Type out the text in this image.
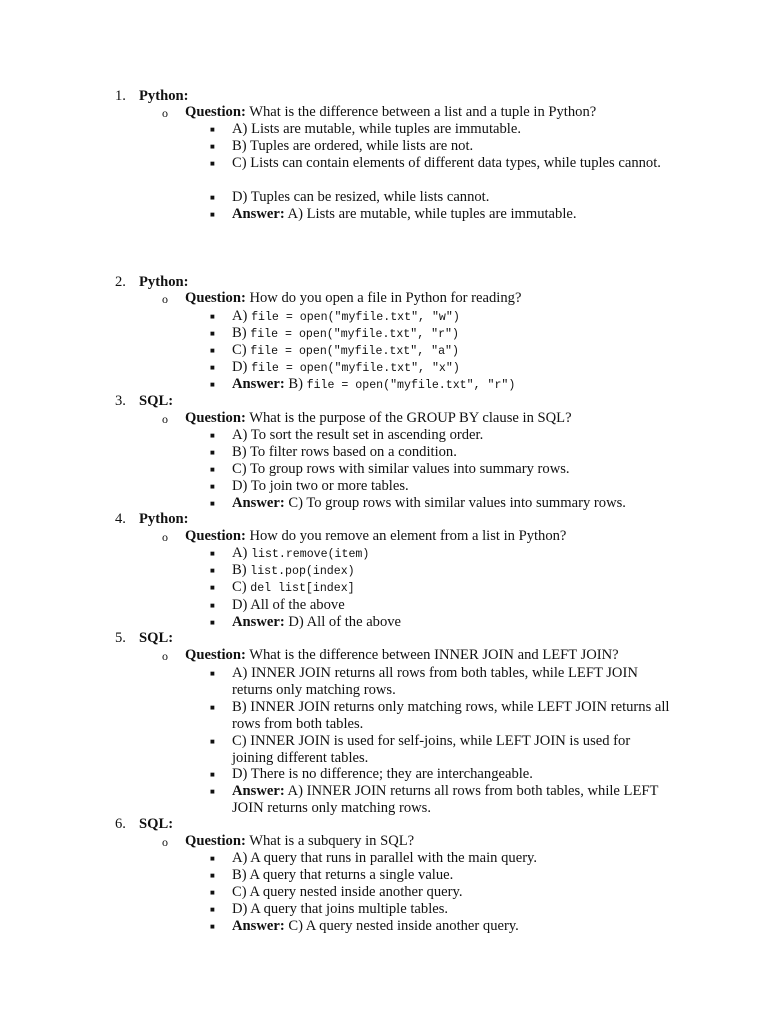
1. Python:
o Question: What is the difference between a list and a tuple in Python?
■ A) Lists are mutable, while tuples are immutable.
■ B) Tuples are ordered, while lists are not.
■ C) Lists can contain elements of different data types, while tuples cannot.
■ D) Tuples can be resized, while lists cannot.
■ Answer: A) Lists are mutable, while tuples are immutable.
2. Python:
o Question: How do you open a file in Python for reading?
■ A) file = open("myfile.txt", "w")
■ B) file = open("myfile.txt", "r")
■ C) file = open("myfile.txt", "a")
■ D) file = open("myfile.txt", "x")
■ Answer: B) file = open("myfile.txt", "r")
3. SQL:
o Question: What is the purpose of the GROUP BY clause in SQL?
■ A) To sort the result set in ascending order.
■ B) To filter rows based on a condition.
■ C) To group rows with similar values into summary rows.
■ D) To join two or more tables.
■ Answer: C) To group rows with similar values into summary rows.
4. Python:
o Question: How do you remove an element from a list in Python?
■ A) list.remove(item)
■ B) list.pop(index)
■ C) del list[index]
■ D) All of the above
■ Answer: D) All of the above
5. SQL:
o Question: What is the difference between INNER JOIN and LEFT JOIN?
■ A) INNER JOIN returns all rows from both tables, while LEFT JOIN returns only matching rows.
■ B) INNER JOIN returns only matching rows, while LEFT JOIN returns all rows from both tables.
■ C) INNER JOIN is used for self-joins, while LEFT JOIN is used for joining different tables.
■ D) There is no difference; they are interchangeable.
■ Answer: A) INNER JOIN returns all rows from both tables, while LEFT JOIN returns only matching rows.
6. SQL:
o Question: What is a subquery in SQL?
■ A) A query that runs in parallel with the main query.
■ B) A query that returns a single value.
■ C) A query nested inside another query.
■ D) A query that joins multiple tables.
■ Answer: C) A query nested inside another query.
